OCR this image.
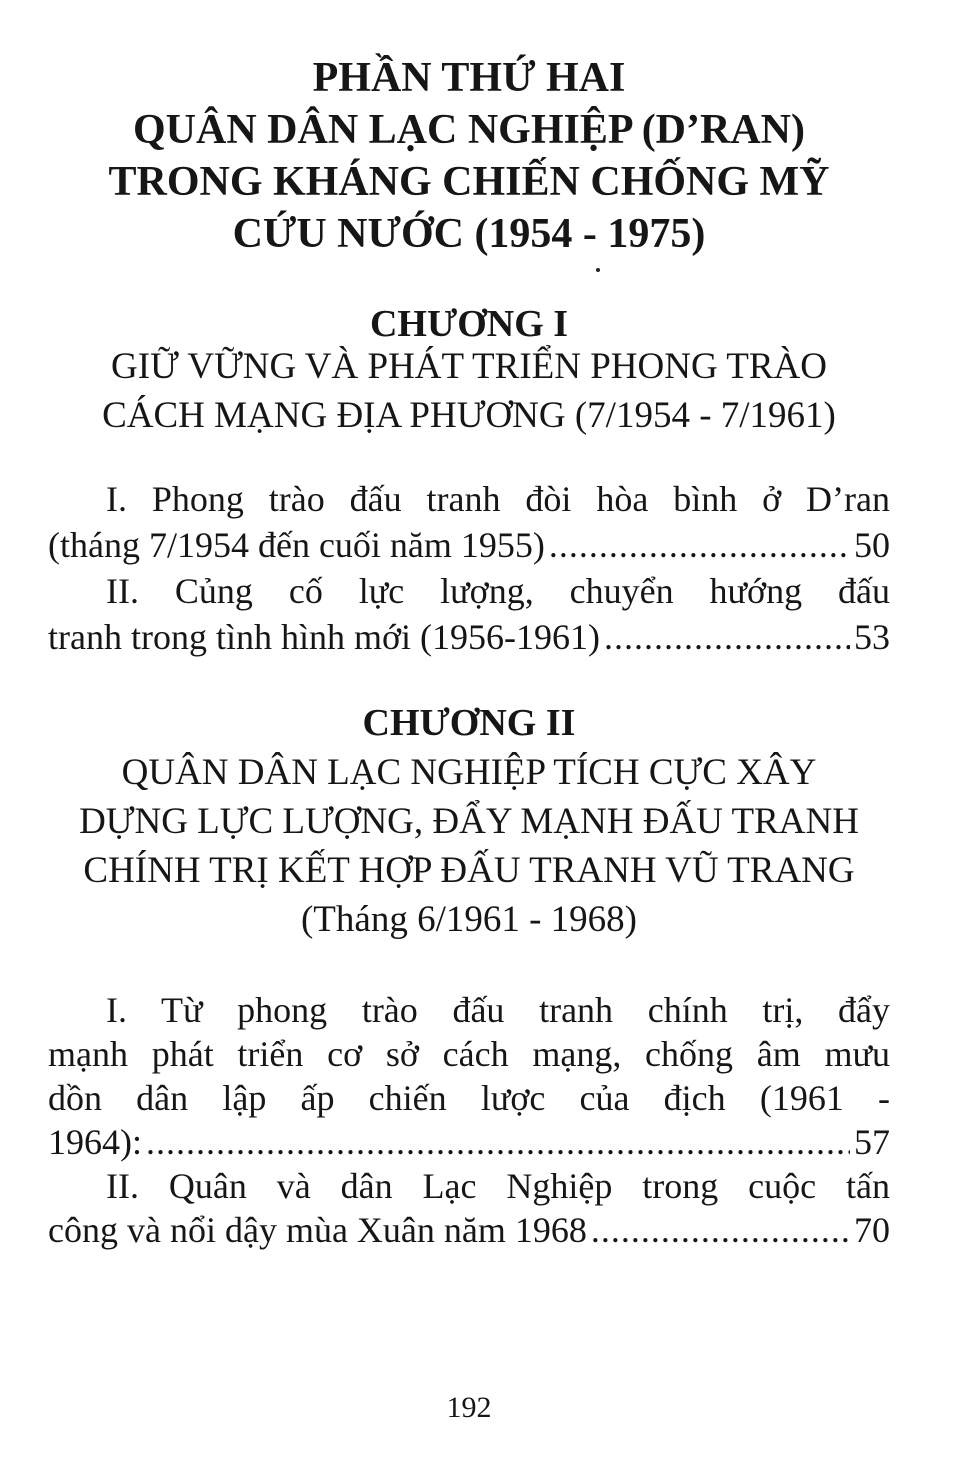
PHẦN THỨ HAI
QUÂN DÂN LẠC NGHIỆP (D’RAN)
TRONG KHÁNG CHIẾN CHỐNG MỸ
CỨU NƯỚC (1954 - 1975)
CHƯƠNG I

GIỮ VỮNG VÀ PHÁT TRIỂN PHONG TRÀO
CÁCH MẠNG ĐỊA PHƯƠNG (7/1954 - 7/1961)

I. Phong trào đấu tranh đòi hòa bình ở D’ran
(tháng 7/1954 đến cuối năm 1955) .....	50
II. Củng cố lực lượng, chuyển hướng đấu
tranh trong tình hình mới (1956-1961) .....	53
CHƯƠNG II

QUÂN DÂN LẠC NGHIỆP TÍCH CỰC XÂY
DỰNG LỰC LƯỢNG, ĐẨY MẠNH ĐẤU TRANH
CHÍNH TRỊ KẾT HỢP ĐẤU TRANH VŨ TRANG
(Tháng 6/1961 - 1968)

I. Từ phong trào đấu tranh chính trị, đẩy
mạnh phát triển cơ sở cách mạng, chống âm mưu
dồn dân lập ấp chiến lược của địch (1961 -
1964): .....	57
II. Quân và dân Lạc Nghiệp trong cuộc tấn
công và nổi dậy mùa Xuân năm 1968 .....	70
192
